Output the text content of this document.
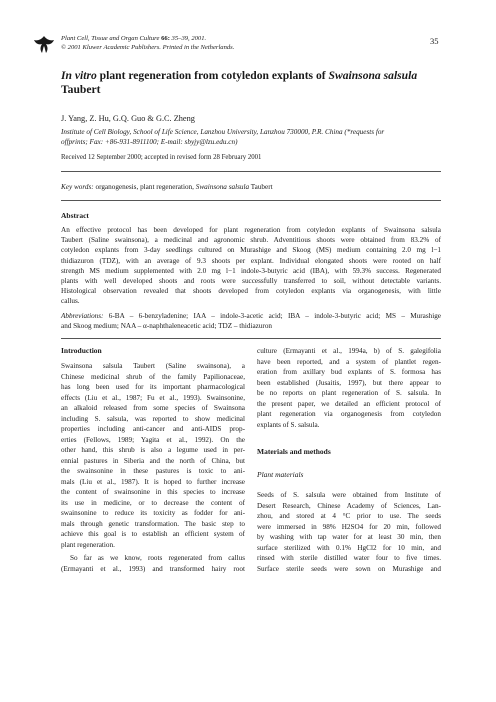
Plant Cell, Tissue and Organ Culture 66: 35–39, 2001.
© 2001 Kluwer Academic Publishers. Printed in the Netherlands.
35
In vitro plant regeneration from cotyledon explants of Swainsona salsula
Taubert
J. Yang, Z. Hu, G.Q. Guo & G.C. Zheng
Institute of Cell Biology, School of Life Science, Lanzhou University, Lanzhou 730000, P.R. China (*requests for
offprints; Fax: +86-931-8911100; E-mail: sbyjy@lzu.edu.cn)
Received 12 September 2000; accepted in revised form 28 February 2001
Key words: organogenesis, plant regeneration, Swainsona salsula Taubert
Abstract
An effective protocol has been developed for plant regeneration from cotyledon explants of Swainsona salsula
Taubert (Saline swainsona), a medicinal and agronomic shrub. Adventitious shoots were obtained from 83.2% of
cotyledon explants from 3-day seedlings cultured on Murashige and Skoog (MS) medium containing 2.0 mg l−1
thidiazuron (TDZ), with an average of 9.3 shoots per explant. Individual elongated shoots were rooted on half
strength MS medium supplemented with 2.0 mg l−1 indole-3-butyric acid (IBA), with 59.3% success. Regenerated
plants with well developed shoots and roots were successfully transferred to soil, without detectable variants.
Histological observation revealed that shoots developed from cotyledon explants via organogenesis, with little
callus.
Abbreviations: 6-BA – 6-benzyladenine; IAA – indole-3-acetic acid; IBA – indole-3-butyric acid; MS – Murashige
and Skoog medium; NAA – α-naphthaleneacetic acid; TDZ – thidiazuron
Introduction
Swainsona salsula Taubert (Saline swainsona), a
Chinese medicinal shrub of the family Papilionaceae,
has long been used for its important pharmacological
effects (Liu et al., 1987; Fu et al., 1993). Swainsonine,
an alkaloid released from some species of Swainsona
including S. salsula, was reported to show medicinal
properties including anti-cancer and anti-AIDS prop-
erties (Fellows, 1989; Yagita et al., 1992). On the
other hand, this shrub is also a legume used in per-
ennial pastures in Siberia and the north of China, but
the swainsonine in these pastures is toxic to ani-
mals (Liu et al., 1987). It is hoped to further increase
the content of swainsonine in this species to increase
its use in medicine, or to decrease the content of
swainsonine to reduce its toxicity as fodder for ani-
mals through genetic transformation. The basic step to
achieve this goal is to establish an efficient system of
plant regeneration.
So far as we know, roots regenerated from callus
(Ermayanti et al., 1993) and transformed hairy root
culture (Ermayanti et al., 1994a, b) of S. galegifolia
have been reported, and a system of plantlet regen-
eration from axillary bud explants of S. formosa has
been established (Jusaitis, 1997), but there appear to
be no reports on plant regeneration of S. salsula. In
the present paper, we detailed an efficient protocol of
plant regeneration via organogenesis from cotyledon
explants of S. salsula.
Materials and methods
Plant materials
Seeds of S. salsula were obtained from Institute of
Desert Research, Chinese Academy of Sciences, Lan-
zhou, and stored at 4 °C prior to use. The seeds
were immersed in 98% H2SO4 for 20 min, followed
by washing with tap water for at least 30 min, then
surface sterilized with 0.1% HgCl2 for 10 min, and
rinsed with sterile distilled water four to five times.
Surface sterile seeds were sown on Murashige and
